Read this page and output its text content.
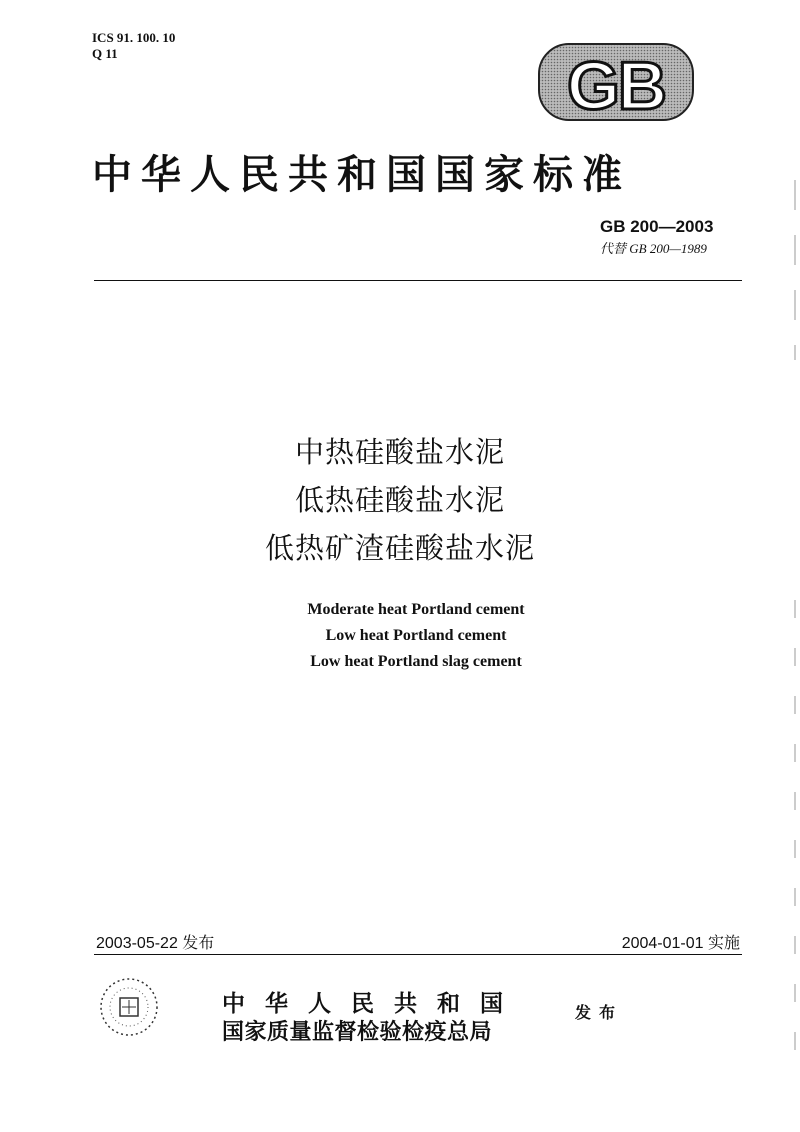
ICS 91. 100. 10
Q 11	GB
中华人民共和国国家标准
GB 200—2003
代替 GB 200—1989
中热硅酸盐水泥
低热硅酸盐水泥
低热矿渣硅酸盐水泥
Moderate heat Portland cement
Low heat Portland cement
Low heat Portland slag cement
2003-05-22 发布	2004-01-01 实施
中华人民共和国
国家质量监督检验检疫总局
发布
